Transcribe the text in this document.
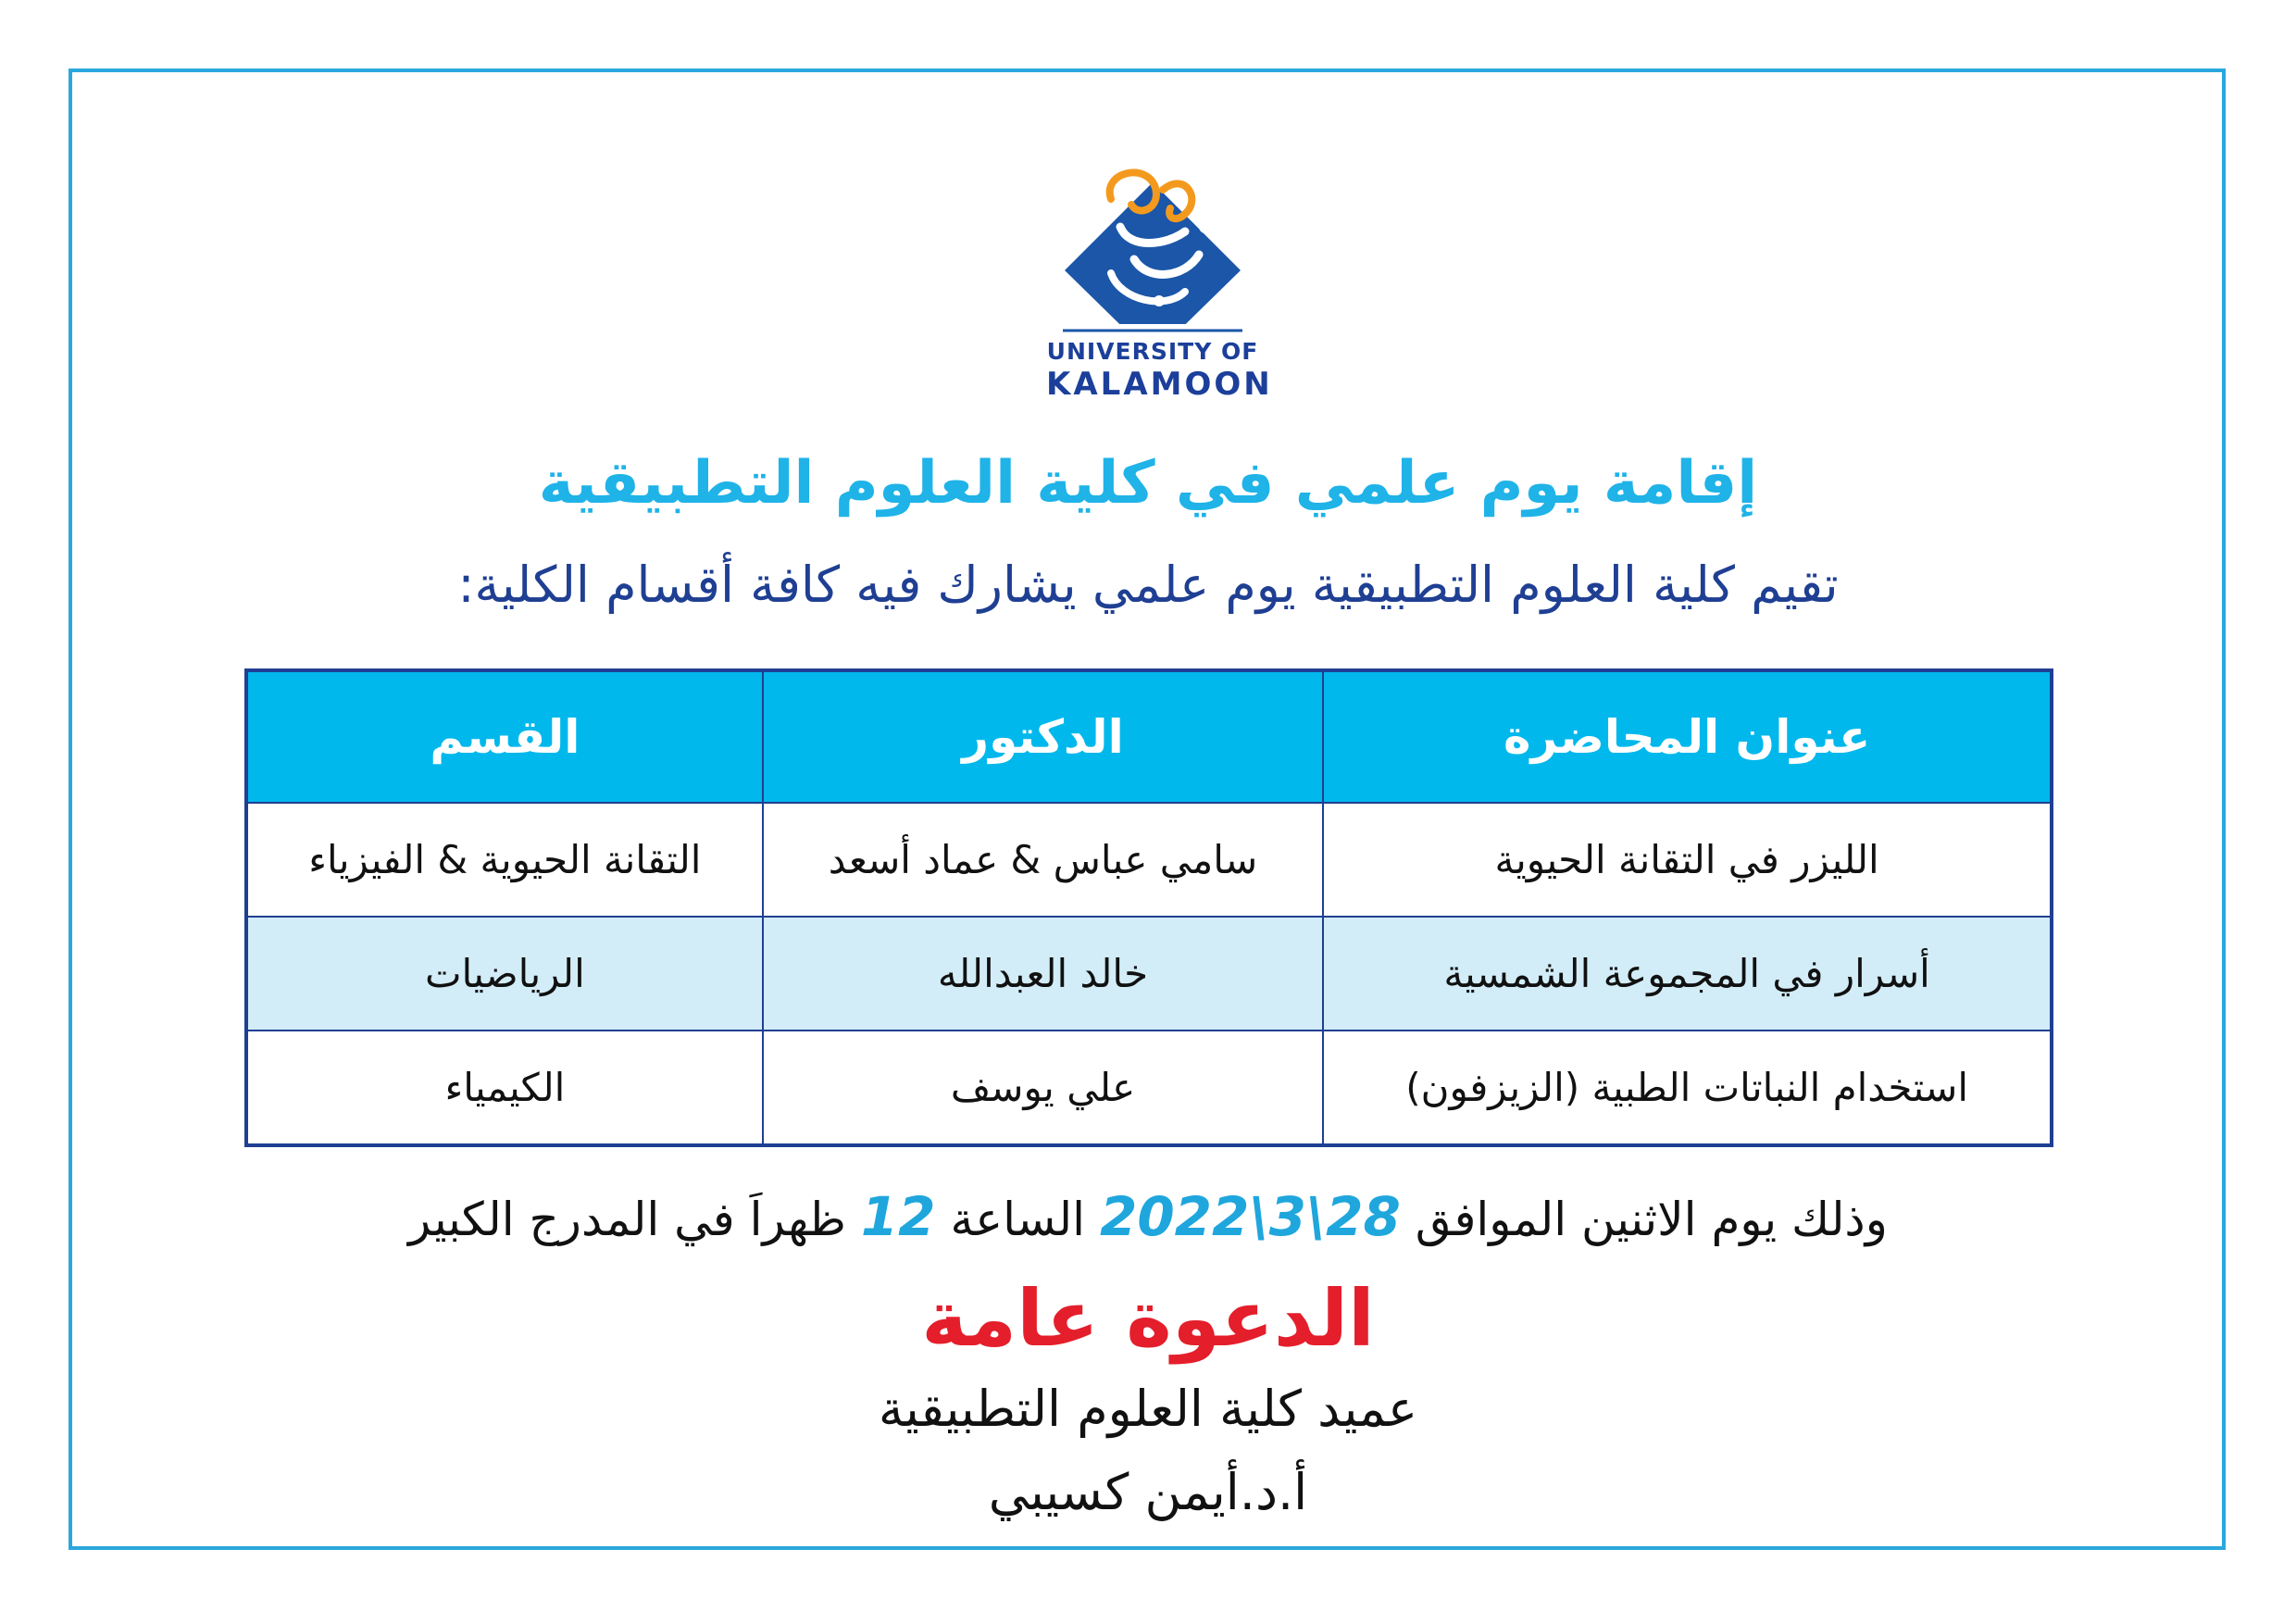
UNIVERSITY OF
KALAMOON
إقامة يوم علمي في كلية العلوم التطبيقية
تقيم كلية العلوم التطبيقية يوم علمي يشارك فيه كافة أقسام الكلية:
عنوان المحاضرة	الدكتور	القسم
الليزر في التقانة الحيوية	سامي عباس & عماد أسعد	التقانة الحيوية & الفيزياء
أسرار في المجموعة الشمسية	خالد العبدالله	الرياضيات
استخدام النباتات الطبية (الزيزفون)	علي يوسف	الكيمياء
وذلك يوم الاثنين الموافق 2022\3\28 الساعة 12 ظهراَ في المدرج الكبير
الدعوة عامة
عميد كلية العلوم التطبيقية
أ.د.أيمن كسيبي
